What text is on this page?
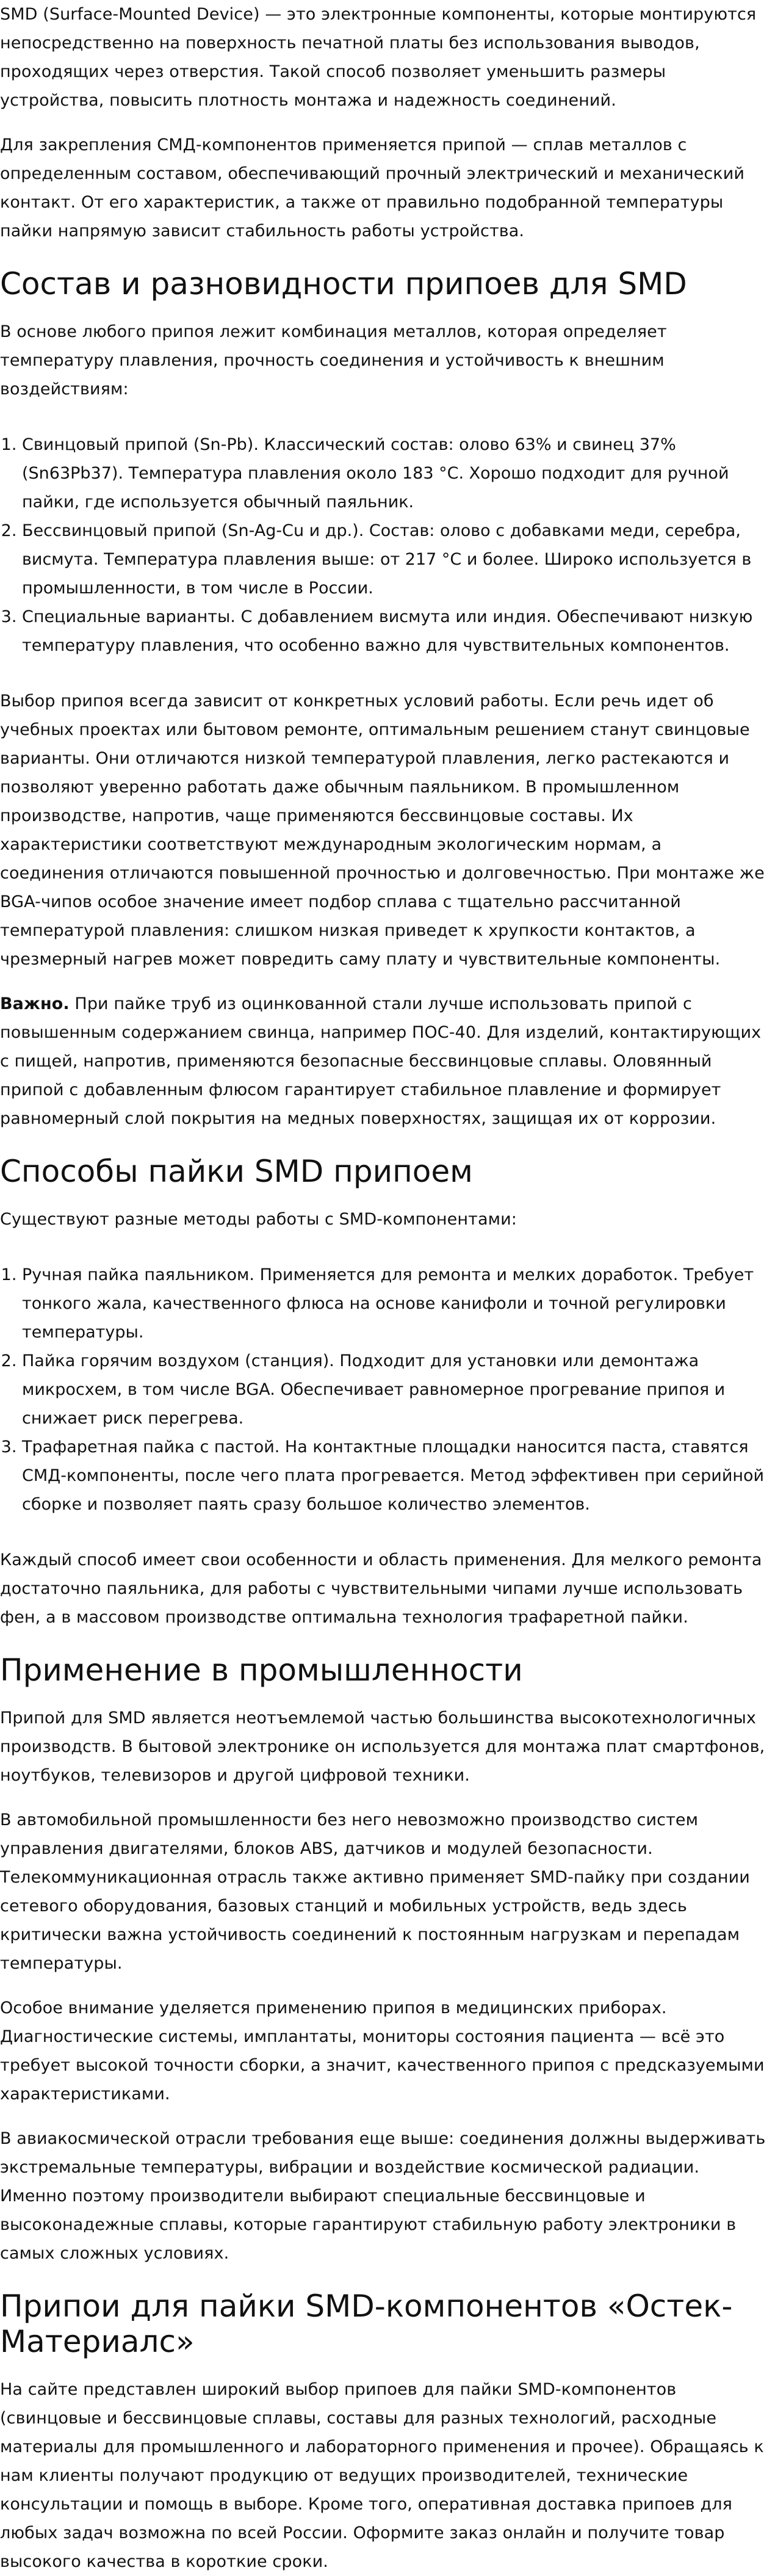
SMD (Surface-Mounted Device) — это электронные компоненты, которые монтируются непосредственно на поверхность печатной платы без использования выводов, проходящих через отверстия. Такой способ позволяет уменьшить размеры устройства, повысить плотность монтажа и надежность соединений.

Для закрепления СМД-компонентов применяется припой — сплав металлов с определенным составом, обеспечивающий прочный электрический и механический контакт. От его характеристик, а также от правильно подобранной температуры пайки напрямую зависит стабильность работы устройства.

Состав и разновидности припоев для SMD

В основе любого припоя лежит комбинация металлов, которая определяет температуру плавления, прочность соединения и устойчивость к внешним воздействиям:

1. Свинцовый припой (Sn-Pb). Классический состав: олово 63% и свинец 37% (Sn63Pb37). Температура плавления около 183 °C. Хорошо подходит для ручной пайки, где используется обычный паяльник.
2. Бессвинцовый припой (Sn-Ag-Cu и др.). Состав: олово с добавками меди, серебра, висмута. Температура плавления выше: от 217 °C и более. Широко используется в промышленности, в том числе в России.
3. Специальные варианты. С добавлением висмута или индия. Обеспечивают низкую температуру плавления, что особенно важно для чувствительных компонентов.

Выбор припоя всегда зависит от конкретных условий работы. Если речь идет об учебных проектах или бытовом ремонте, оптимальным решением станут свинцовые варианты. Они отличаются низкой температурой плавления, легко растекаются и позволяют уверенно работать даже обычным паяльником. В промышленном производстве, напротив, чаще применяются бессвинцовые составы. Их характеристики соответствуют международным экологическим нормам, а соединения отличаются повышенной прочностью и долговечностью. При монтаже же BGA-чипов особое значение имеет подбор сплава с тщательно рассчитанной температурой плавления: слишком низкая приведет к хрупкости контактов, а чрезмерный нагрев может повредить саму плату и чувствительные компоненты.

Важно. При пайке труб из оцинкованной стали лучше использовать припой с повышенным содержанием свинца, например ПОС-40. Для изделий, контактирующих с пищей, напротив, применяются безопасные бессвинцовые сплавы. Оловянный припой с добавленным флюсом гарантирует стабильное плавление и формирует равномерный слой покрытия на медных поверхностях, защищая их от коррозии.

Способы пайки SMD припоем

Существуют разные методы работы с SMD-компонентами:

1. Ручная пайка паяльником. Применяется для ремонта и мелких доработок. Требует тонкого жала, качественного флюса на основе канифоли и точной регулировки температуры.
2. Пайка горячим воздухом (станция). Подходит для установки или демонтажа микросхем, в том числе BGA. Обеспечивает равномерное прогревание припоя и снижает риск перегрева.
3. Трафаретная пайка с пастой. На контактные площадки наносится паста, ставятся СМД-компоненты, после чего плата прогревается. Метод эффективен при серийной сборке и позволяет паять сразу большое количество элементов.

Каждый способ имеет свои особенности и область применения. Для мелкого ремонта достаточно паяльника, для работы с чувствительными чипами лучше использовать фен, а в массовом производстве оптимальна технология трафаретной пайки.

Применение в промышленности

Припой для SMD является неотъемлемой частью большинства высокотехнологичных производств. В бытовой электронике он используется для монтажа плат смартфонов, ноутбуков, телевизоров и другой цифровой техники.

В автомобильной промышленности без него невозможно производство систем управления двигателями, блоков ABS, датчиков и модулей безопасности. Телекоммуникационная отрасль также активно применяет SMD-пайку при создании сетевого оборудования, базовых станций и мобильных устройств, ведь здесь критически важна устойчивость соединений к постоянным нагрузкам и перепадам температуры.

Особое внимание уделяется применению припоя в медицинских приборах. Диагностические системы, имплантаты, мониторы состояния пациента — всё это требует высокой точности сборки, а значит, качественного припоя с предсказуемыми характеристиками.

В авиакосмической отрасли требования еще выше: соединения должны выдерживать экстремальные температуры, вибрации и воздействие космической радиации. Именно поэтому производители выбирают специальные бессвинцовые и высоконадежные сплавы, которые гарантируют стабильную работу электроники в самых сложных условиях.

Припои для пайки SMD-компонентов «Остек-Материалс»

На сайте представлен широкий выбор припоев для пайки SMD-компонентов (свинцовые и бессвинцовые сплавы, составы для разных технологий, расходные материалы для промышленного и лабораторного применения и прочее). Обращаясь к нам клиенты получают продукцию от ведущих производителей, технические консультации и помощь в выборе. Кроме того, оперативная доставка припоев для любых задач возможна по всей России. Оформите заказ онлайн и получите товар высокого качества в короткие сроки.
